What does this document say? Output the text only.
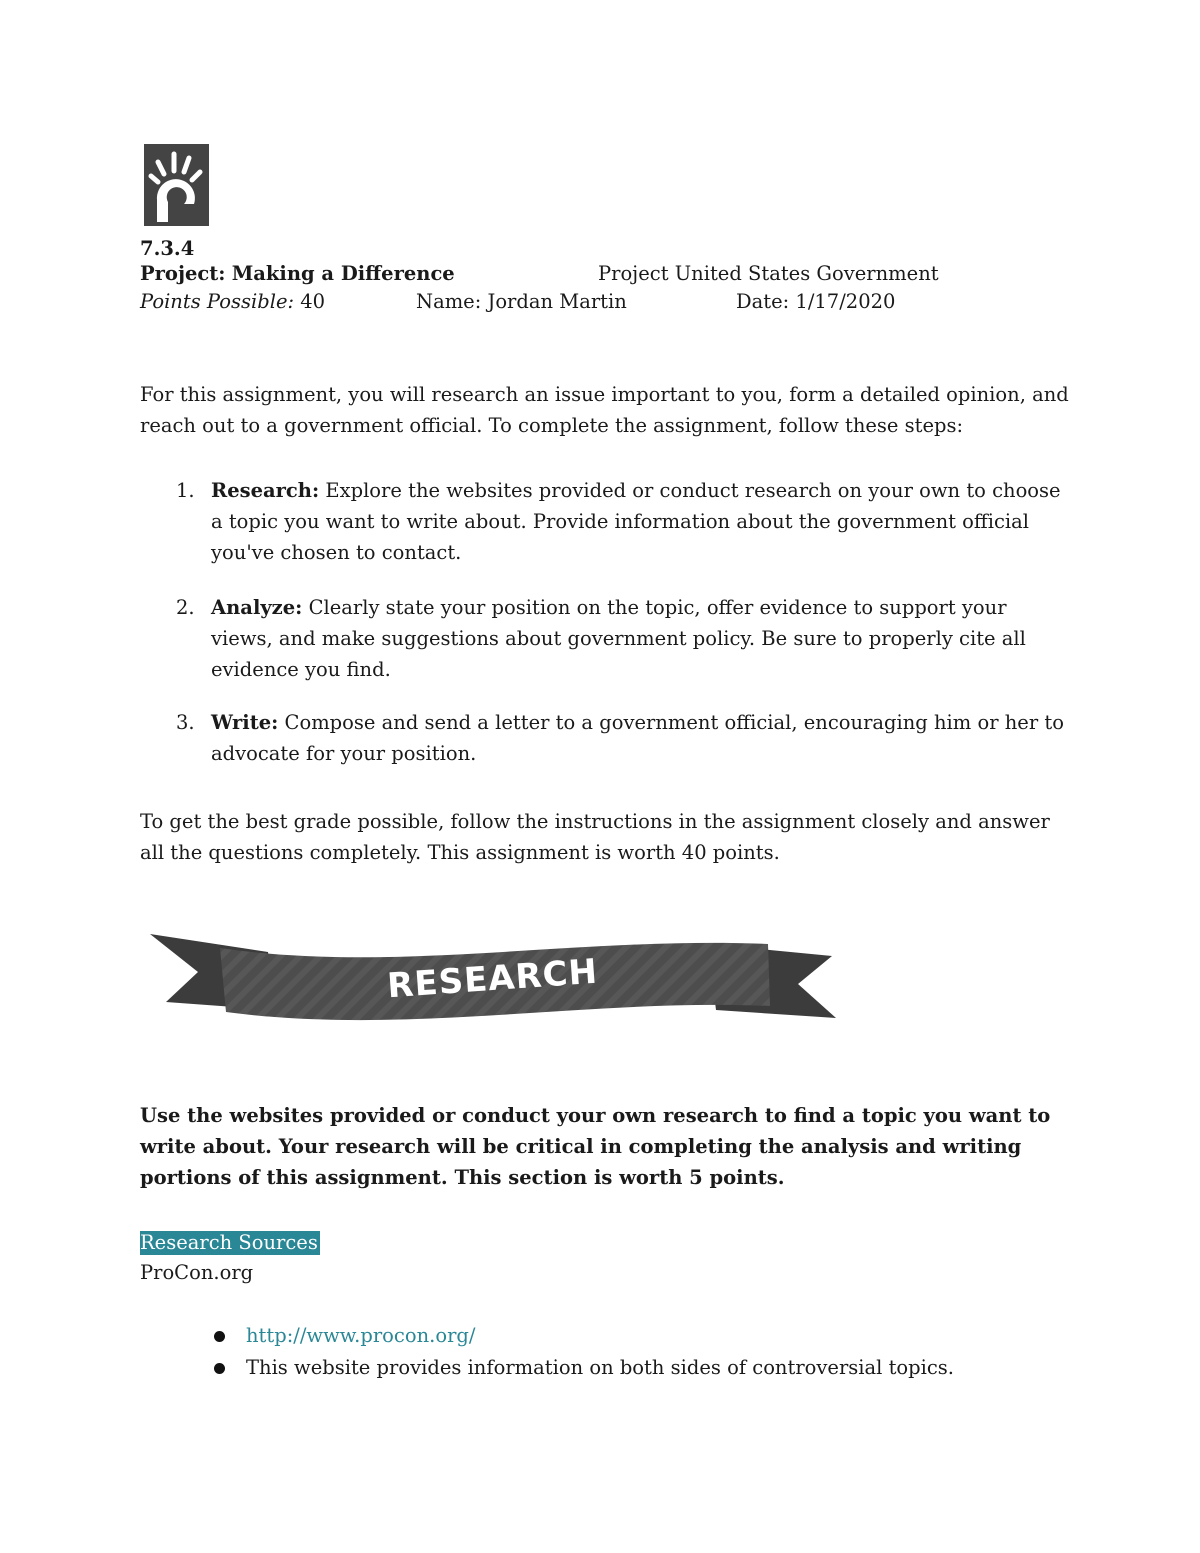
7.3.4
Project: Making a Difference	Project United States Government
Points Possible: 40	Name: Jordan Martin	Date: 1/17/2020
For this assignment, you will research an issue important to you, form a detailed opinion, and reach out to a government official. To complete the assignment, follow these steps:
1. Research: Explore the websites provided or conduct research on your own to choose a topic you want to write about. Provide information about the government official you've chosen to contact.
2. Analyze: Clearly state your position on the topic, offer evidence to support your views, and make suggestions about government policy. Be sure to properly cite all evidence you find.
3. Write: Compose and send a letter to a government official, encouraging him or her to advocate for your position.
To get the best grade possible, follow the instructions in the assignment closely and answer all the questions completely. This assignment is worth 40 points.
RESEARCH
Use the websites provided or conduct your own research to find a topic you want to write about. Your research will be critical in completing the analysis and writing portions of this assignment. This section is worth 5 points.
Research Sources
ProCon.org
http://www.procon.org/
This website provides information on both sides of controversial topics.
